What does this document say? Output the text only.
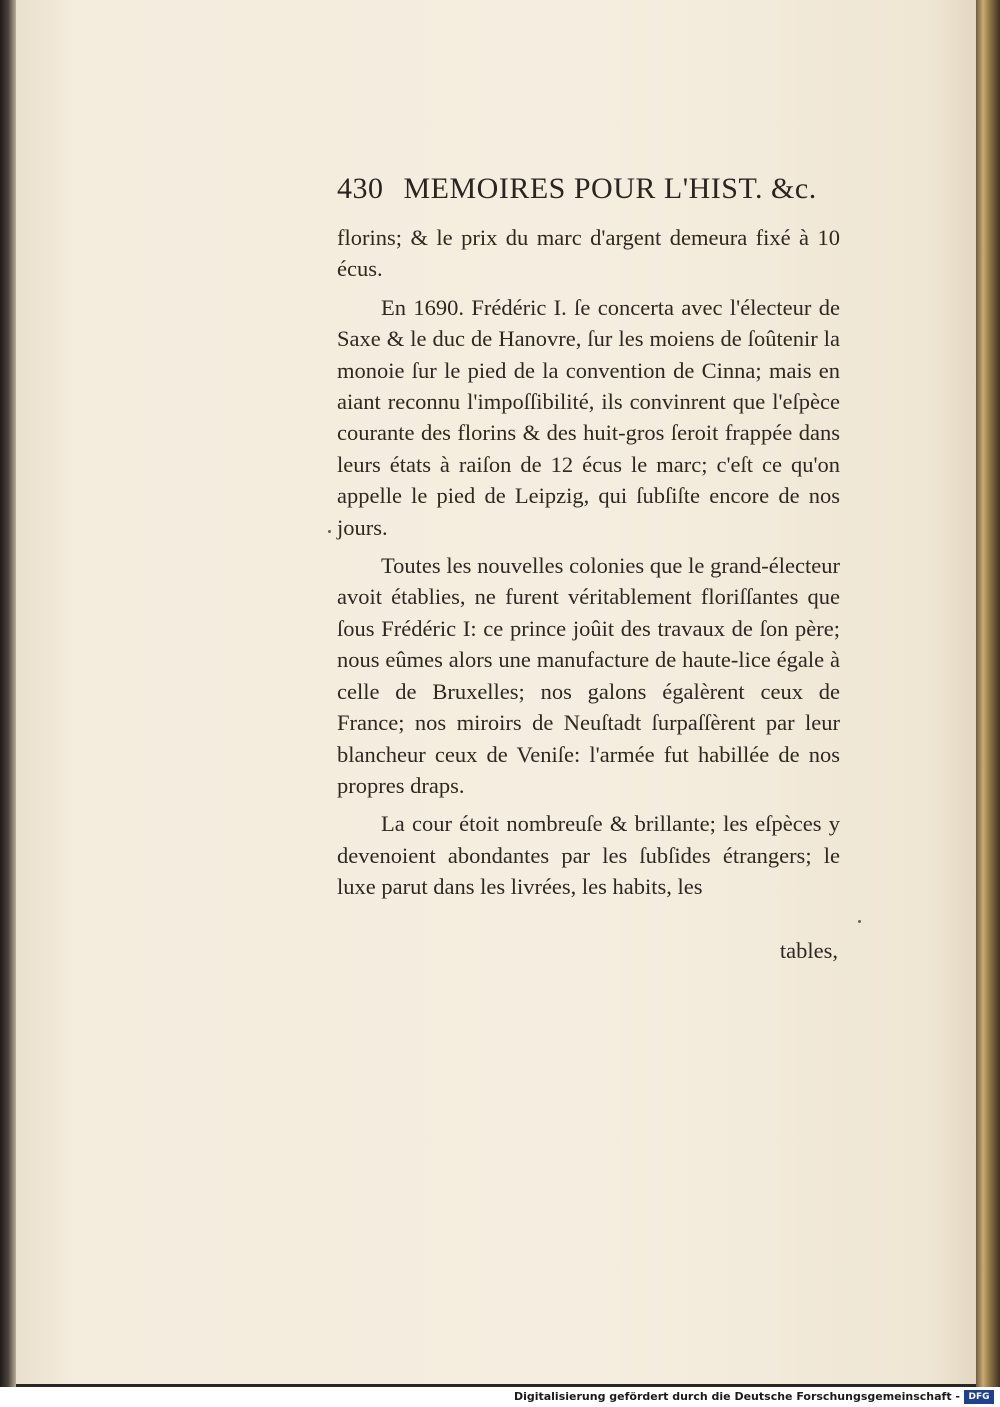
430 MEMOIRES POUR L'HIST. &c.

florins; & le prix du marc d'argent demeura fixé à 10 écus.

En 1690. Frédéric I. ſe concerta avec l'électeur de Saxe & le duc de Hanovre, ſur les moiens de ſoûtenir la monoie ſur le pied de la convention de Cinna; mais en aiant reconnu l'impoſſibilité, ils convinrent que l'eſpèce courante des florins & des huit-gros ſeroit frappée dans leurs états à raiſon de 12 écus le marc; c'eſt ce qu'on appelle le pied de Leipzig, qui ſubſiſte encore de nos jours.

Toutes les nouvelles colonies que le grand-électeur avoit établies, ne furent véritablement floriſſantes que ſous Frédéric I: ce prince joûit des travaux de ſon père; nous eûmes alors une manufacture de haute-lice égale à celle de Bruxelles; nos galons égalèrent ceux de France; nos miroirs de Neuſtadt ſurpaſſèrent par leur blancheur ceux de Veniſe: l'armée fut habillée de nos propres draps.

La cour étoit nombreuſe & brillante; les eſpèces y devenoient abondantes par les ſubſides étrangers; le luxe parut dans les livrées, les habits, les

tables,
Digitalisierung gefördert durch die Deutsche Forschungsgemeinschaft - DFG
